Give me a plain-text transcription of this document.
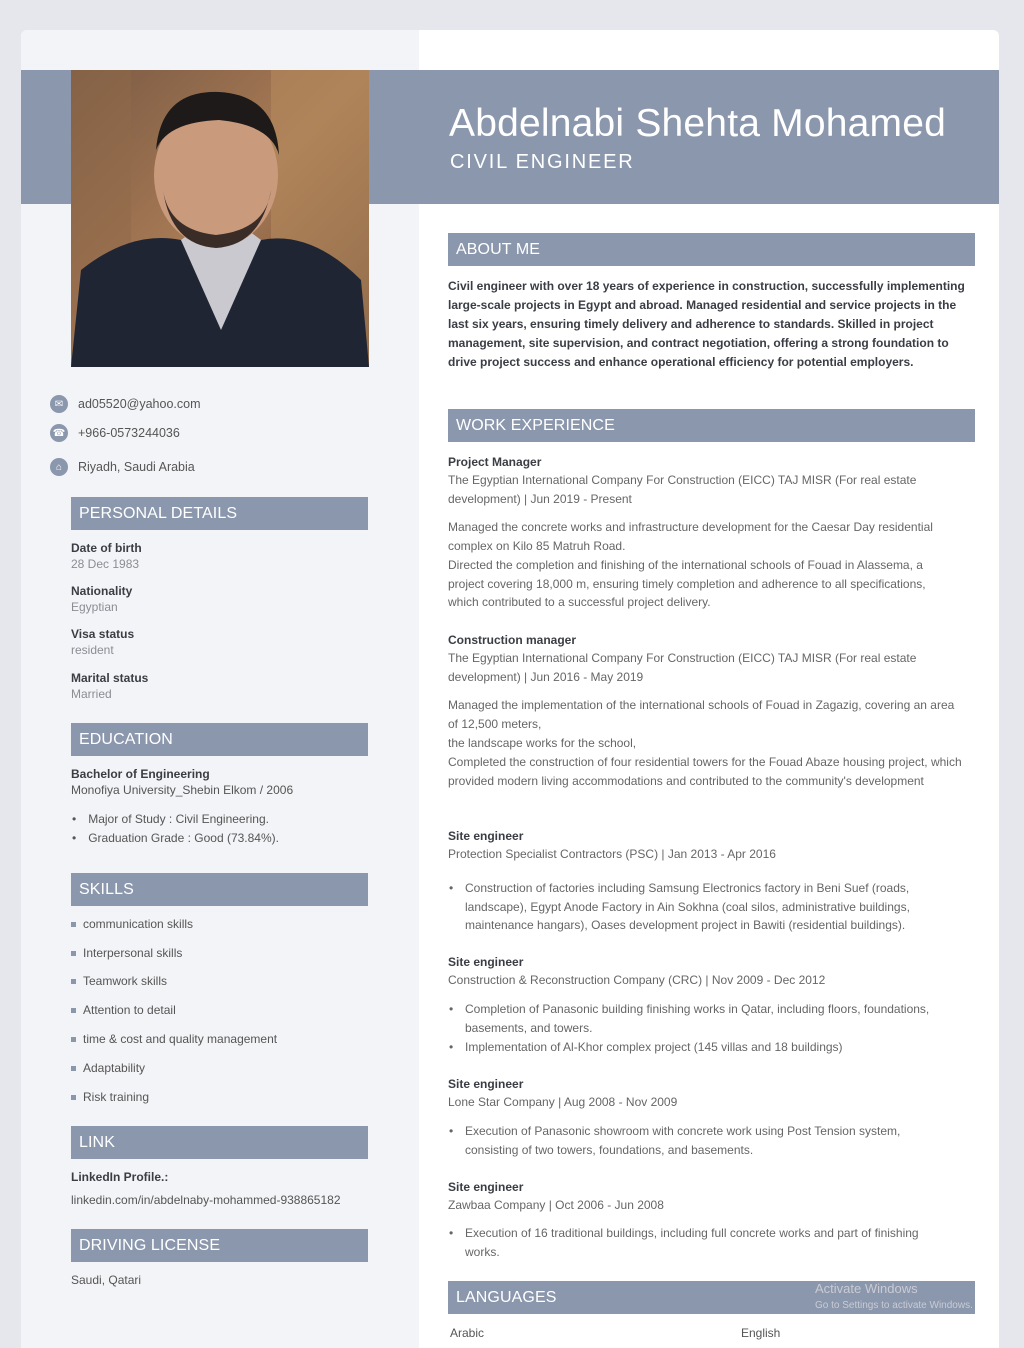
Abdelnabi Shehta Mohamed
CIVIL ENGINEER
✉	ad05520@yahoo.com
☎ +966-0573244036
⌂	Riyadh, Saudi Arabia
PERSONAL DETAILS
Date of birth
28 Dec 1983
Nationality
Egyptian
Visa status
resident
Marital status
Married
EDUCATION
Bachelor of Engineering
Monofiya University_Shebin Elkom / 2006
• Major of Study : Civil Engineering.
• Graduation Grade : Good (73.84%).
SKILLS
communication skills
Interpersonal skills
Teamwork skills
Attention to detail
time & cost and quality management
Adaptability
Risk training
LINK
LinkedIn Profile.:
linkedin.com/in/abdelnaby-mohammed-938865182
DRIVING LICENSE
Saudi, Qatari
ABOUT ME
Civil engineer with over 18 years of experience in construction, successfully implementing large-scale projects in Egypt and abroad. Managed residential and service projects in the last six years, ensuring timely delivery and adherence to standards. Skilled in project management, site supervision, and contract negotiation, offering a strong foundation to drive project success and enhance operational efficiency for potential employers.
WORK EXPERIENCE
Project Manager
The Egyptian International Company For Construction (EICC) TAJ MISR (For real estate development) | Jun 2019 - Present
Managed the concrete works and infrastructure development for the Caesar Day residential complex on Kilo 85 Matruh Road.
Directed the completion and finishing of the international schools of Fouad in Alassema, a project covering 18,000 m, ensuring timely completion and adherence to all specifications, which contributed to a successful project delivery.
Construction manager
The Egyptian International Company For Construction (EICC) TAJ MISR (For real estate development) | Jun 2016 - May 2019
Managed the implementation of the international schools of Fouad in Zagazig, covering an area of 12,500 meters,
the landscape works for the school,
Completed the construction of four residential towers for the Fouad Abaze housing project, which provided modern living accommodations and contributed to the community's development
Site engineer
Protection Specialist Contractors (PSC) | Jan 2013 - Apr 2016
• Construction of factories including Samsung Electronics factory in Beni Suef (roads, landscape), Egypt Anode Factory in Ain Sokhna (coal silos, administrative buildings, maintenance hangars), Oases development project in Bawiti (residential buildings).
Site engineer
Construction & Reconstruction Company (CRC) | Nov 2009 - Dec 2012
• Completion of Panasonic building finishing works in Qatar, including floors, foundations, basements, and towers.
• Implementation of Al-Khor complex project (145 villas and 18 buildings)
Site engineer
Lone Star Company | Aug 2008 - Nov 2009
• Execution of Panasonic showroom with concrete work using Post Tension system, consisting of two towers, foundations, and basements.
Site engineer
Zawbaa Company | Oct 2006 - Jun 2008
• Execution of 16 traditional buildings, including full concrete works and part of finishing works.
LANGUAGES
Arabic	English
Activate Windows
Go to Settings to activate Windows.
